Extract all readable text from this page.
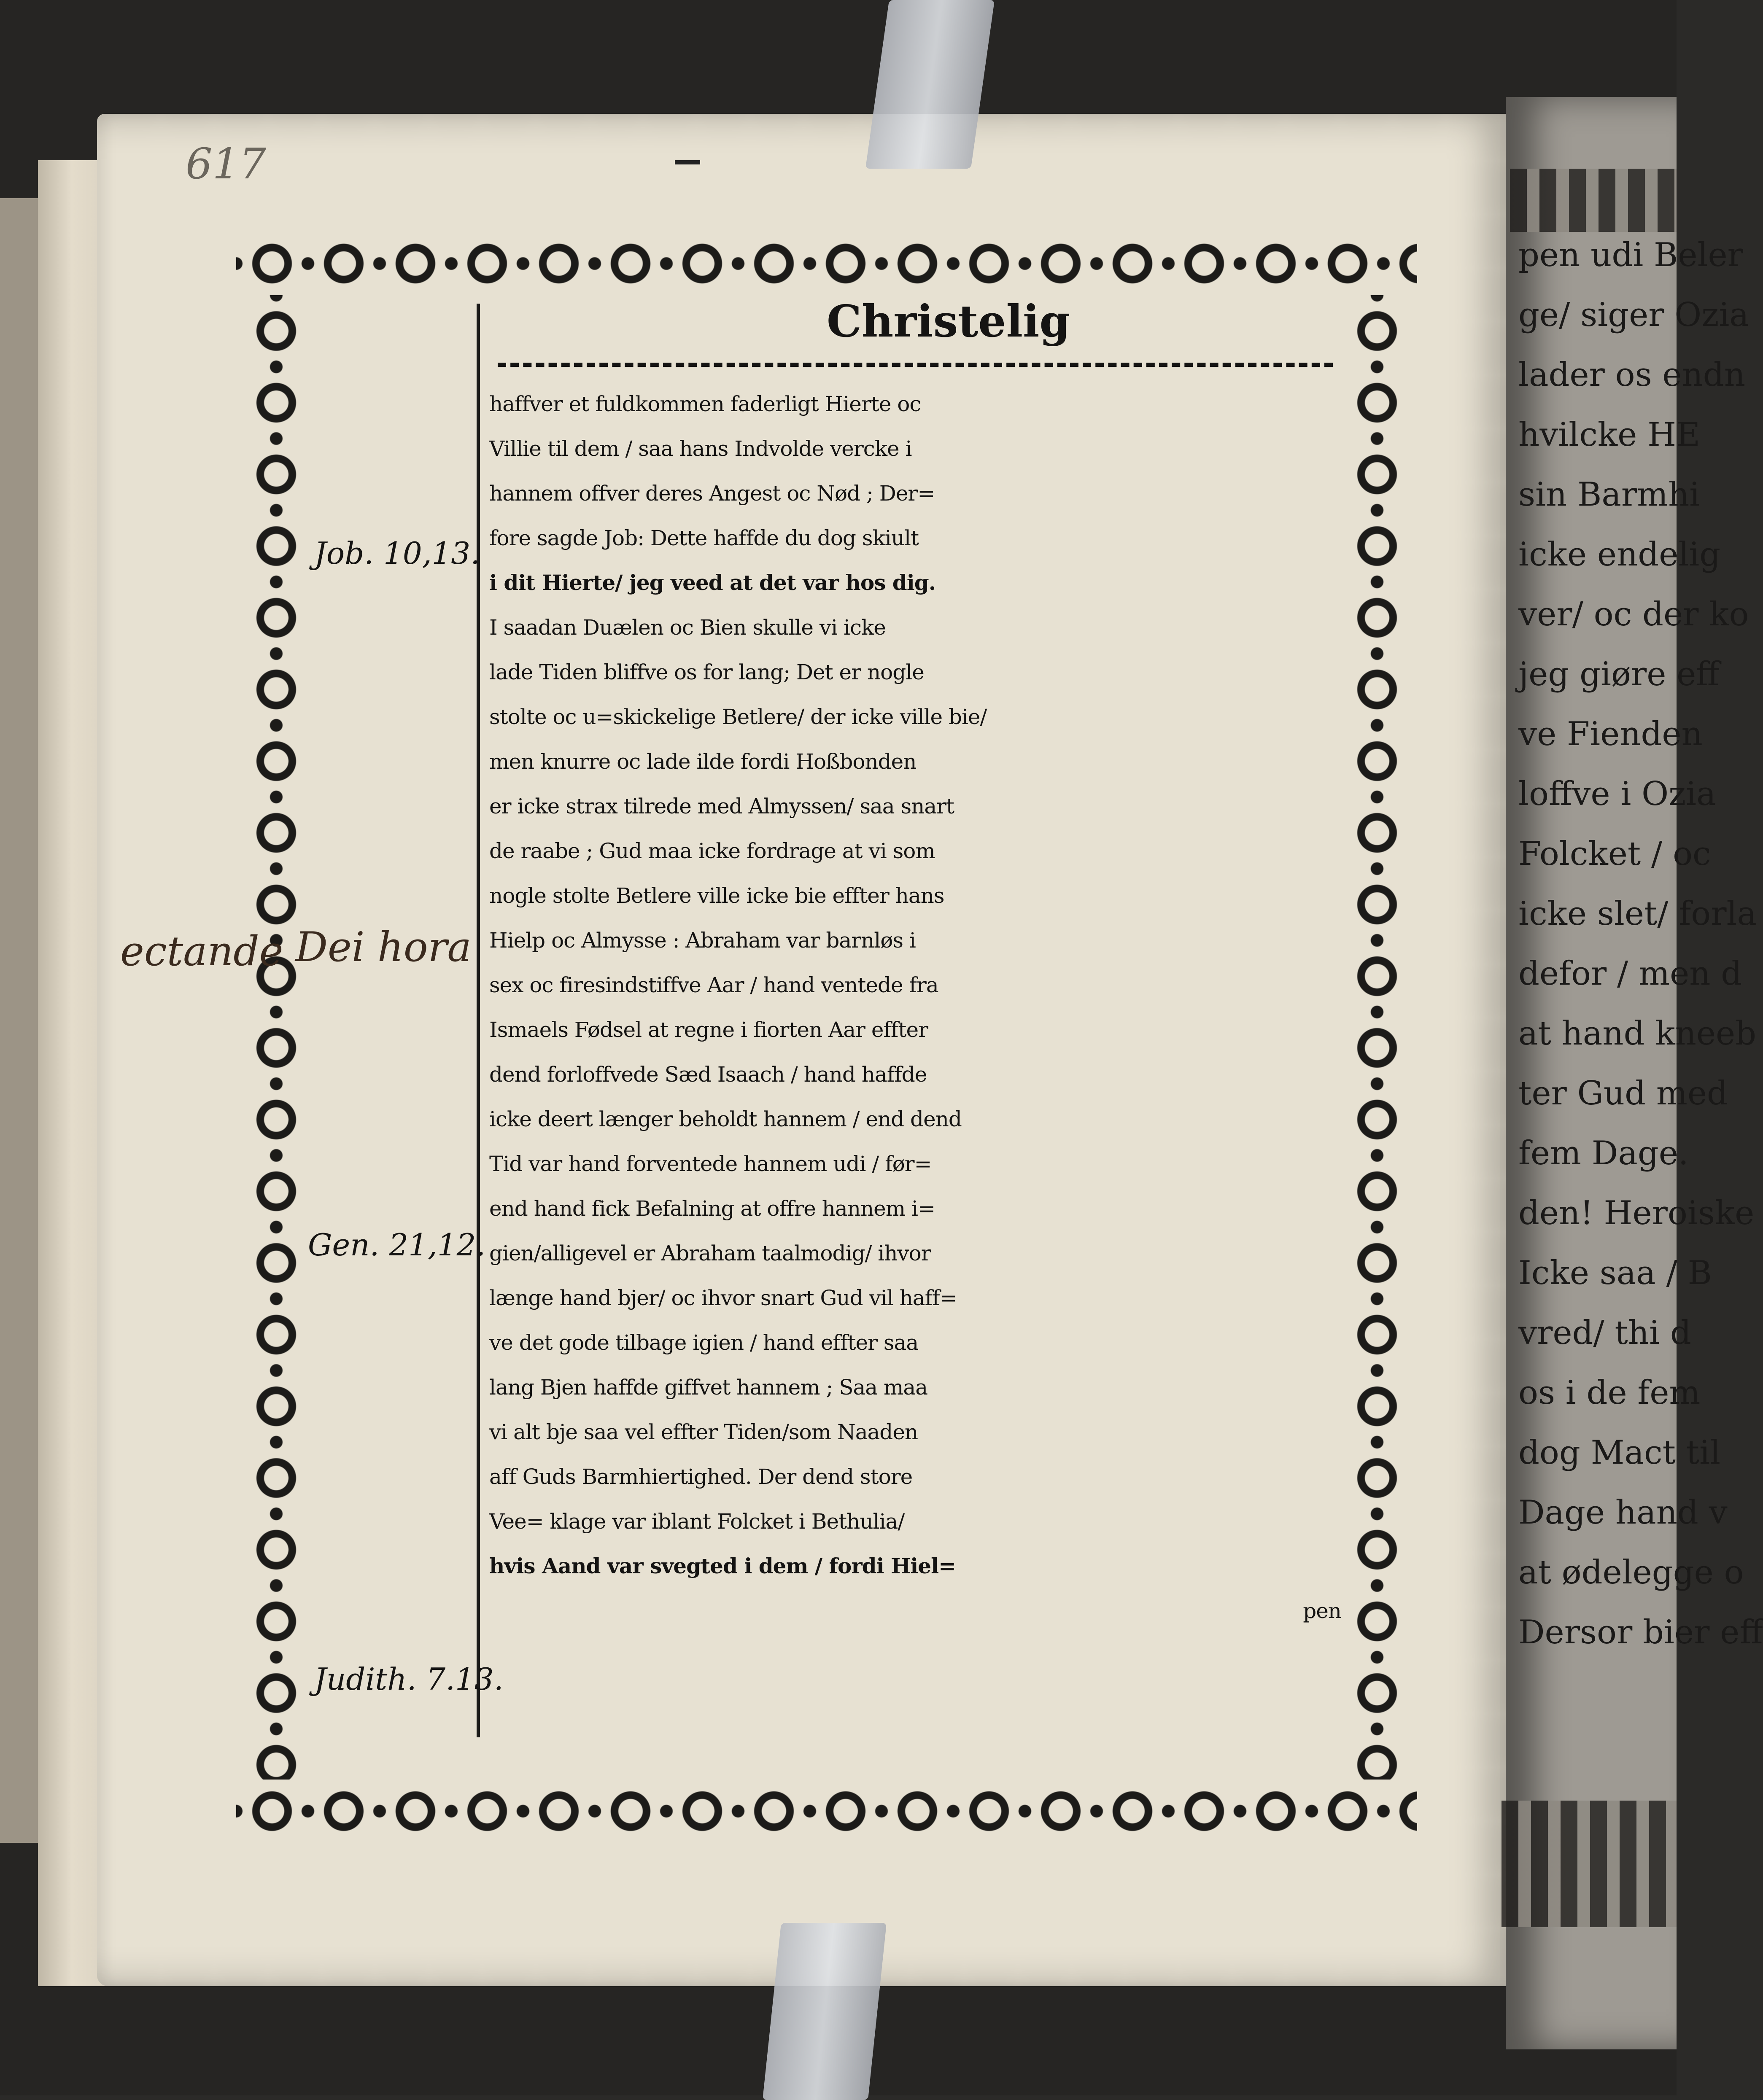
pen udi Beler
ge/ siger Ozia
lader os endn
hvilcke HE
sin Barmhi
icke endelig
ver/ oc der ko
jeg giøre eff
ve Fienden
loffve i Ozia
Folcket / oc
icke slet/ forla
defor / men d
at hand kneeb
ter Gud med
fem Dage.
den! Heroiske
Icke saa / B
vred/ thi d
os i de fem
dog Mact til
Dage hand v
at ødelegge o
Dersor bier eff
617
Christelig
Job. 10,13.
Gen. 21,12.
Judith. 7.13.
ectande Dei hora
haffver et fuldkommen faderligt Hierte oc
Villie til dem / saa hans Indvolde vercke i
hannem offver deres Angest oc Nød ; Der=
fore sagde Job: Dette haffde du dog skiult
i dit Hierte/ jeg veed at det var hos dig.
I saadan Duælen oc Bien skulle vi icke
lade Tiden bliffve os for lang; Det er nogle
stolte oc u=skickelige Betlere/ der icke ville bie/
men knurre oc lade ilde fordi Hoßbonden
er icke strax tilrede med Almyssen/ saa snart
de raabe ; Gud maa icke fordrage at vi som
nogle stolte Betlere ville icke bie effter hans
Hielp oc Almysse : Abraham var barnløs i
sex oc firesindstiffve Aar / hand ventede fra
Ismaels Fødsel at regne i fiorten Aar effter
dend forloffvede Sæd Isaach / hand haffde
icke deert længer beholdt hannem / end dend
Tid var hand forventede hannem udi / før=
end hand fick Befalning at offre hannem i=
gien/alligevel er Abraham taalmodig/ ihvor
længe hand bjer/ oc ihvor snart Gud vil haff=
ve det gode tilbage igien / hand effter saa
lang Bjen haffde giffvet hannem ; Saa maa
vi alt bje saa vel effter Tiden/som Naaden
aff Guds Barmhiertighed. Der dend store
Vee= klage var iblant Folcket i Bethulia/
hvis Aand var svegted i dem / fordi Hiel=
pen
